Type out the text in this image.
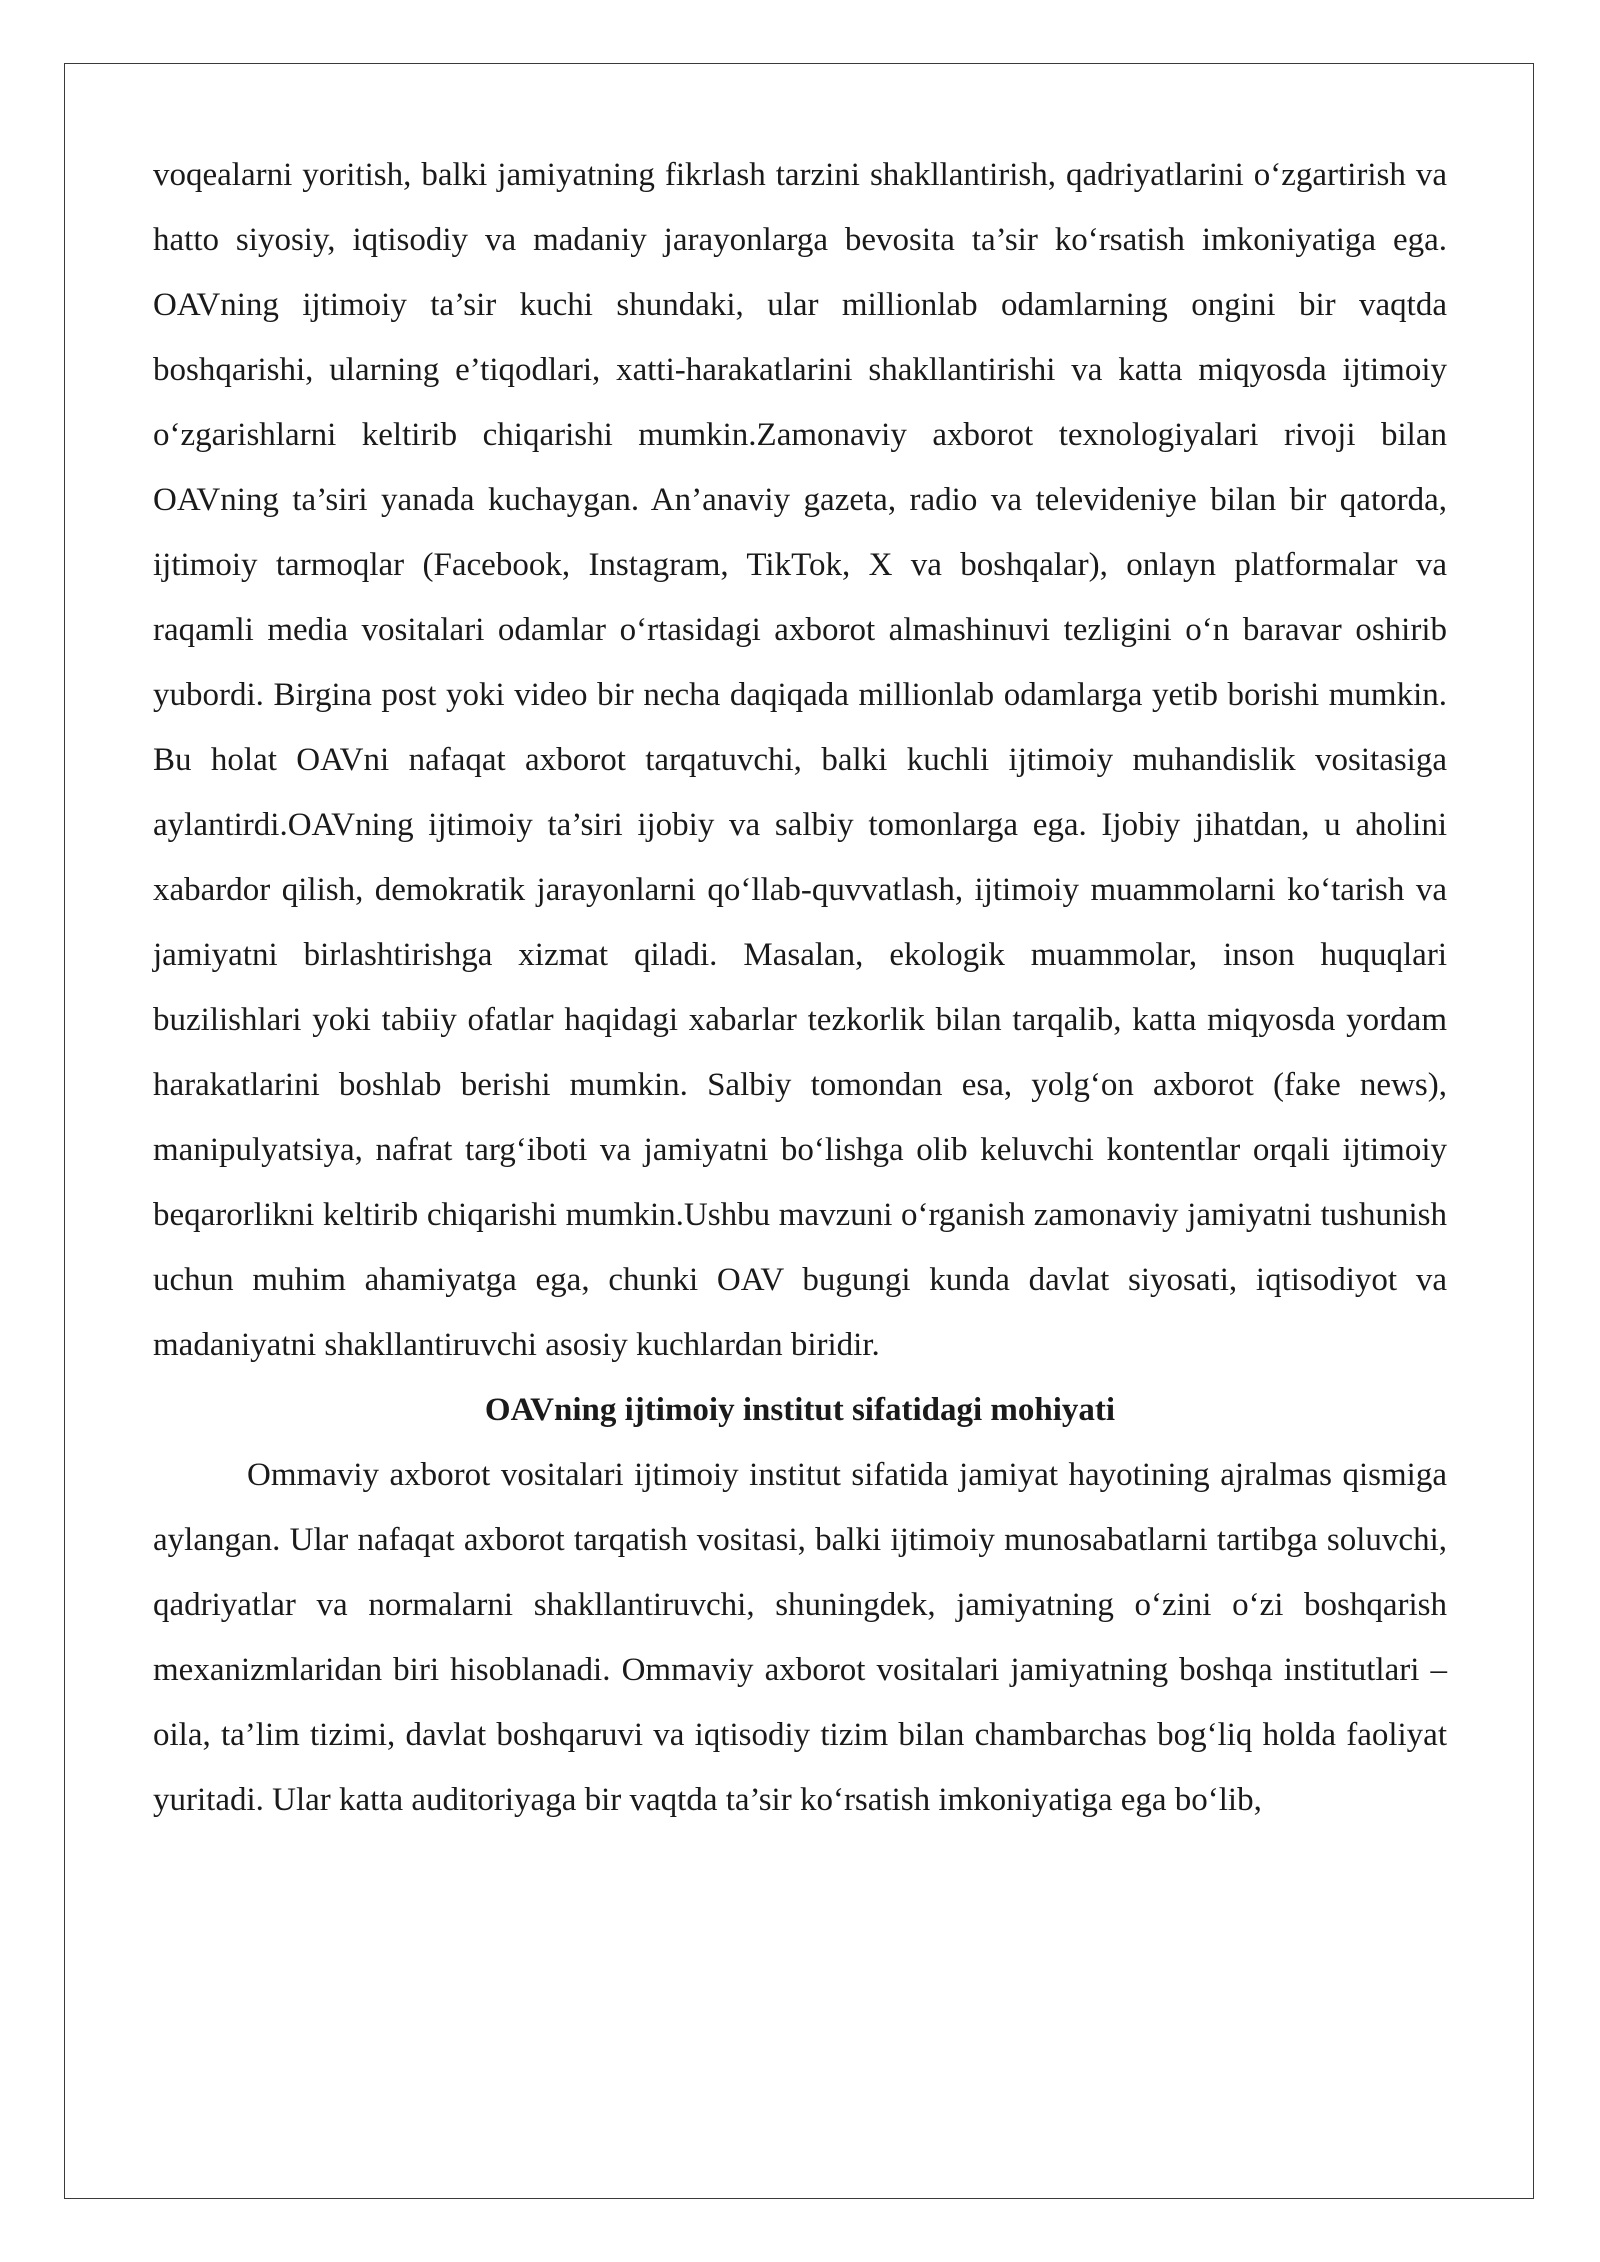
voqealarni yoritish, balki jamiyatning fikrlash tarzini shakllantirish, qadriyatlarini o‘zgartirish va hatto siyosiy, iqtisodiy va madaniy jarayonlarga bevosita ta’sir ko‘rsatish imkoniyatiga ega. OAVning ijtimoiy ta’sir kuchi shundaki, ular millionlab odamlarning ongini bir vaqtda boshqarishi, ularning e’tiqodlari, xatti-harakatlarini shakllantirishi va katta miqyosda ijtimoiy o‘zgarishlarni keltirib chiqarishi mumkin.Zamonaviy axborot texnologiyalari rivoji bilan OAVning ta’siri yanada kuchaygan. An’anaviy gazeta, radio va televideniye bilan bir qatorda, ijtimoiy tarmoqlar (Facebook, Instagram, TikTok, X va boshqalar), onlayn platformalar va raqamli media vositalari odamlar o‘rtasidagi axborot almashinuvi tezligini o‘n baravar oshirib yubordi. Birgina post yoki video bir necha daqiqada millionlab odamlarga yetib borishi mumkin. Bu holat OAVni nafaqat axborot tarqatuvchi, balki kuchli ijtimoiy muhandislik vositasiga aylantirdi.OAVning ijtimoiy ta’siri ijobiy va salbiy tomonlarga ega. Ijobiy jihatdan, u aholini xabardor qilish, demokratik jarayonlarni qo‘llab-quvvatlash, ijtimoiy muammolarni ko‘tarish va jamiyatni birlashtirishga xizmat qiladi. Masalan, ekologik muammolar, inson huquqlari buzilishlari yoki tabiiy ofatlar haqidagi xabarlar tezkorlik bilan tarqalib, katta miqyosda yordam harakatlarini boshlab berishi mumkin. Salbiy tomondan esa, yolg‘on axborot (fake news), manipulyatsiya, nafrat targ‘iboti va jamiyatni bo‘lishga olib keluvchi kontentlar orqali ijtimoiy beqarorlikni keltirib chiqarishi mumkin.Ushbu mavzuni o‘rganish zamonaviy jamiyatni tushunish uchun muhim ahamiyatga ega, chunki OAV bugungi kunda davlat siyosati, iqtisodiyot va madaniyatni shakllantiruvchi asosiy kuchlardan biridir.

OAVning ijtimoiy institut sifatidagi mohiyati

Ommaviy axborot vositalari ijtimoiy institut sifatida jamiyat hayotining ajralmas qismiga aylangan. Ular nafaqat axborot tarqatish vositasi, balki ijtimoiy munosabatlarni tartibga soluvchi, qadriyatlar va normalarni shakllantiruvchi, shuningdek, jamiyatning o‘zini o‘zi boshqarish mexanizmlaridan biri hisoblanadi. Ommaviy axborot vositalari jamiyatning boshqa institutlari – oila, ta’lim tizimi, davlat boshqaruvi va iqtisodiy tizim bilan chambarchas bog‘liq holda faoliyat yuritadi. Ular katta auditoriyaga bir vaqtda ta’sir ko‘rsatish imkoniyatiga ega bo‘lib,
